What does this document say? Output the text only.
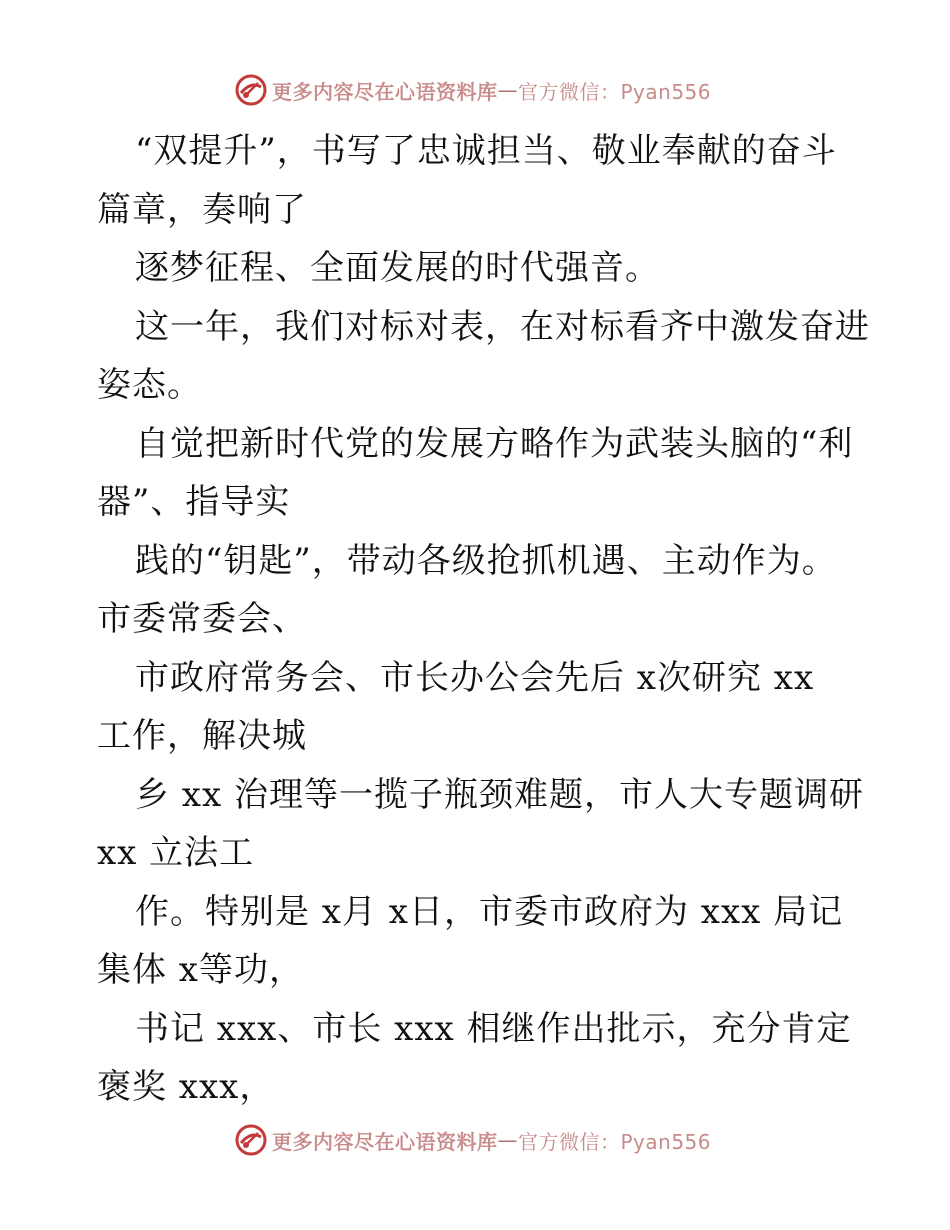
更多内容尽在心语资料库 — 官方微信：Pyan556
“双提升”，书写了忠诚担当、敬业奉献的奋斗
篇章，奏响了
逐梦征程、全面发展的时代强音。
这一年，我们对标对表，在对标看齐中激发奋进
姿态。
自觉把新时代党的发展方略作为武装头脑的“利
器”、指导实
践的“钥匙”，带动各级抢抓机遇、主动作为。
市委常委会、
市政府常务会、市长办公会先后 x次研究 xx
工作，解决城
乡 xx 治理等一揽子瓶颈难题，市人大专题调研
xx 立法工
作。特别是 x月 x日，市委市政府为 xxx 局记
集体 x等功，
书记 xxx、市长 xxx 相继作出批示，充分肯定
褒奖 xxx，
更多内容尽在心语资料库 — 官方微信：Pyan556
